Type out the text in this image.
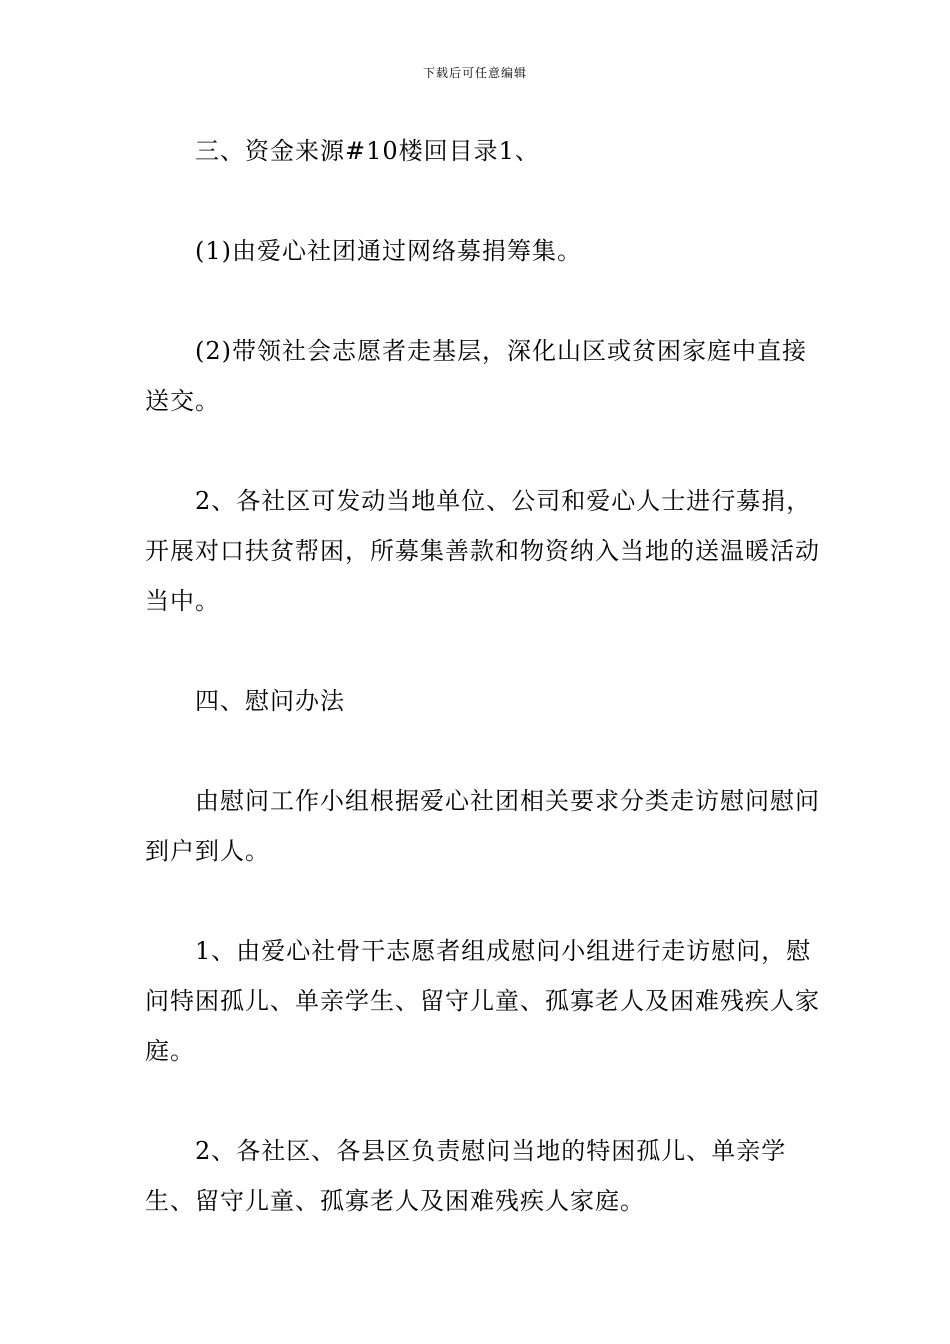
下载后可任意编辑

三、资金来源#10楼回目录1、

(1)由爱心社团通过网络募捐筹集。

(2)带领社会志愿者走基层，深化山区或贫困家庭中直接送交。

2、各社区可发动当地单位、公司和爱心人士进行募捐，开展对口扶贫帮困，所募集善款和物资纳入当地的送温暖活动当中。

四、慰问办法

由慰问工作小组根据爱心社团相关要求分类走访慰问慰问到户到人。

1、由爱心社骨干志愿者组成慰问小组进行走访慰问，慰问特困孤儿、单亲学生、留守儿童、孤寡老人及困难残疾人家庭。

2、各社区、各县区负责慰问当地的特困孤儿、单亲学生、留守儿童、孤寡老人及困难残疾人家庭。
